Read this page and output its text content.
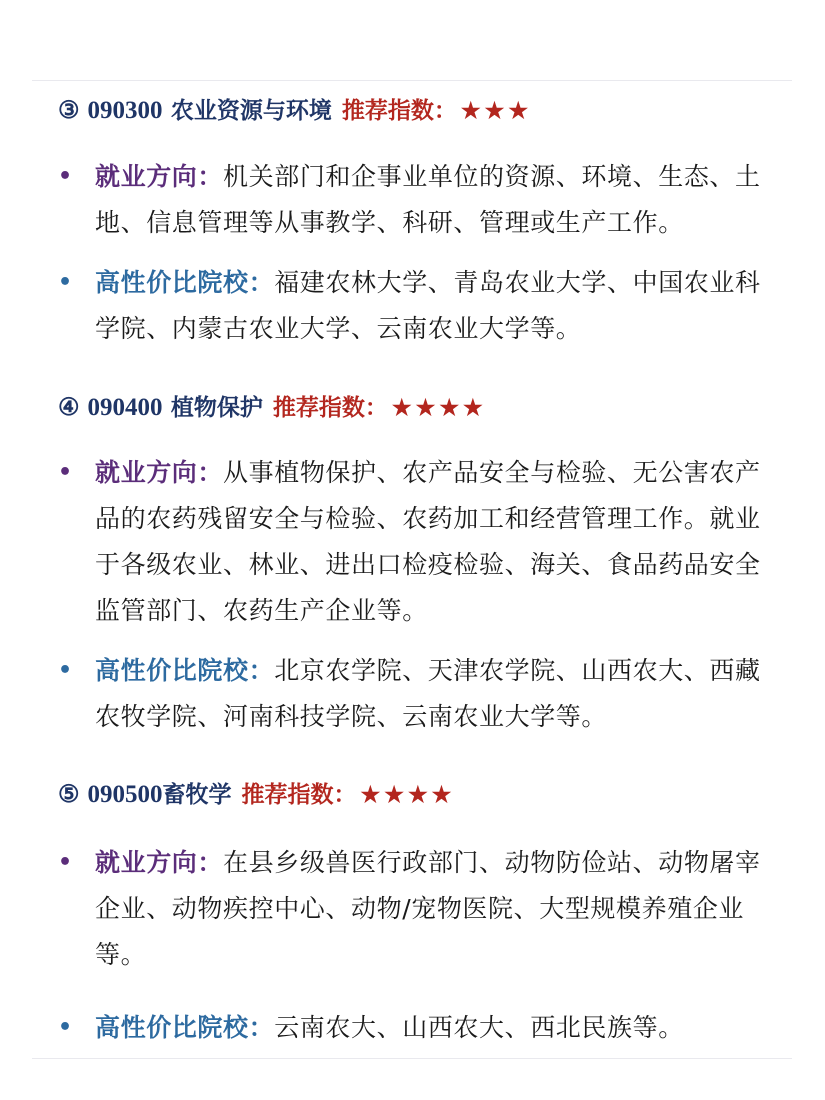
③ 090300 农业资源与环境 推荐指数： ★★★
• 就业方向：机关部门和企事业单位的资源、环境、生态、土地、信息管理等从事教学、科研、管理或生产工作。
• 高性价比院校：福建农林大学、青岛农业大学、中国农业科学院、内蒙古农业大学、云南农业大学等。
④ 090400 植物保护 推荐指数： ★★★★
• 就业方向：从事植物保护、农产品安全与检验、无公害农产品的农药残留安全与检验、农药加工和经营管理工作。就业于各级农业、林业、进出口检疫检验、海关、食品药品安全监管部门、农药生产企业等。
• 高性价比院校：北京农学院、天津农学院、山西农大、西藏农牧学院、河南科技学院、云南农业大学等。
⑤ 090500畜牧学 推荐指数： ★★★★
• 就业方向：在县乡级兽医行政部门、动物防俭站、动物屠宰企业、动物疾控中心、动物/宠物医院、大型规模养殖企业等。
• 高性价比院校：云南农大、山西农大、西北民族等。
